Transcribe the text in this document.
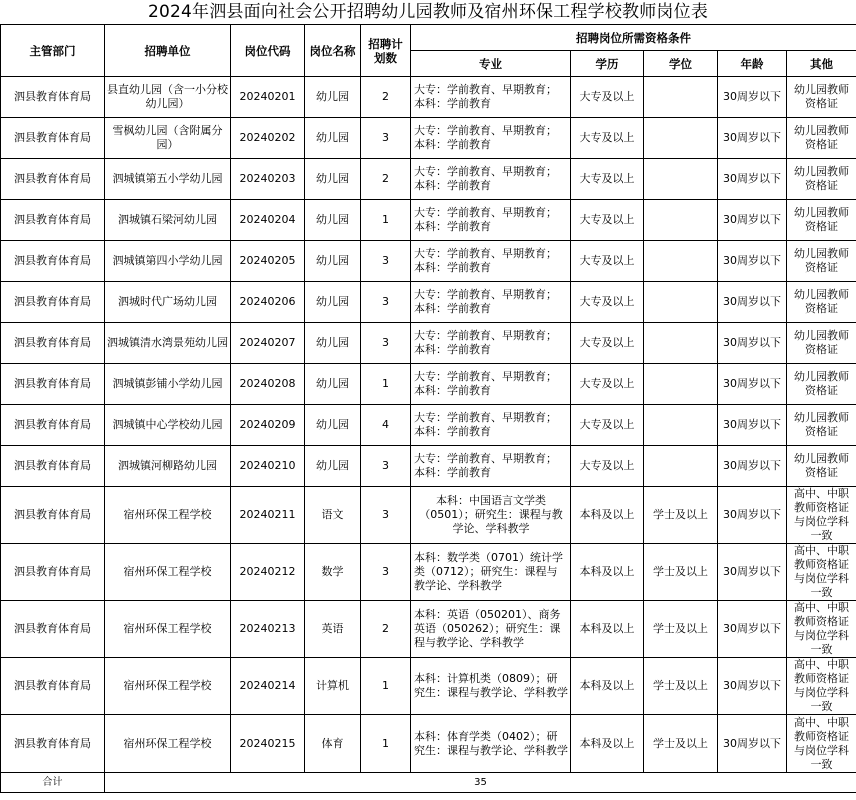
2024年泗县面向社会公开招聘幼儿园教师及宿州环保工程学校教师岗位表
主管部门	招聘单位	岗位代码	岗位名称	招聘计划数	招聘岗位所需资格条件				
					专业	学历	学位	年龄	其他
泗县教育体育局	县直幼儿园（含一小分校幼儿园）	20240201	幼儿园	2	大专：学前教育、早期教育；
本科：学前教育	大专及以上		30周岁以下	幼儿园教师资格证
泗县教育体育局	雪枫幼儿园（含附属分园）	20240202	幼儿园	3	大专：学前教育、早期教育；
本科：学前教育	大专及以上		30周岁以下	幼儿园教师资格证
泗县教育体育局	泗城镇第五小学幼儿园	20240203	幼儿园	2	大专：学前教育、早期教育；
本科：学前教育	大专及以上		30周岁以下	幼儿园教师资格证
泗县教育体育局	泗城镇石梁河幼儿园	20240204	幼儿园	1	大专：学前教育、早期教育；
本科：学前教育	大专及以上		30周岁以下	幼儿园教师资格证
泗县教育体育局	泗城镇第四小学幼儿园	20240205	幼儿园	3	大专：学前教育、早期教育；
本科：学前教育	大专及以上		30周岁以下	幼儿园教师资格证
泗县教育体育局	泗城时代广场幼儿园	20240206	幼儿园	3	大专：学前教育、早期教育；
本科：学前教育	大专及以上		30周岁以下	幼儿园教师资格证
泗县教育体育局	泗城镇清水湾景苑幼儿园	20240207	幼儿园	3	大专：学前教育、早期教育；
本科：学前教育	大专及以上		30周岁以下	幼儿园教师资格证
泗县教育体育局	泗城镇彭铺小学幼儿园	20240208	幼儿园	1	大专：学前教育、早期教育；
本科：学前教育	大专及以上		30周岁以下	幼儿园教师资格证
泗县教育体育局	泗城镇中心学校幼儿园	20240209	幼儿园	4	大专：学前教育、早期教育；
本科：学前教育	大专及以上		30周岁以下	幼儿园教师资格证
泗县教育体育局	泗城镇河柳路幼儿园	20240210	幼儿园	3	大专：学前教育、早期教育；
本科：学前教育	大专及以上		30周岁以下	幼儿园教师资格证
泗县教育体育局	宿州环保工程学校	20240211	语文	3	本科：中国语言文学类（0501）；研究生：课程与教学论、学科教学	本科及以上	学士及以上	30周岁以下	高中、中职教师资格证与岗位学科一致
泗县教育体育局	宿州环保工程学校	20240212	数学	3	本科：数学类（0701）统计学类（0712）；研究生：课程与教学论、学科教学	本科及以上	学士及以上	30周岁以下	高中、中职教师资格证与岗位学科一致
泗县教育体育局	宿州环保工程学校	20240213	英语	2	本科：英语（050201）、商务英语（050262）；研究生：课程与教学论、学科教学	本科及以上	学士及以上	30周岁以下	高中、中职教师资格证与岗位学科一致
泗县教育体育局	宿州环保工程学校	20240214	计算机	1	本科：计算机类（0809）；研究生：课程与教学论、学科教学	本科及以上	学士及以上	30周岁以下	高中、中职教师资格证与岗位学科一致
泗县教育体育局	宿州环保工程学校	20240215	体育	1	本科：体育学类（0402）；研究生：课程与教学论、学科教学	本科及以上	学士及以上	30周岁以下	高中、中职教师资格证与岗位学科一致
合计	35								
